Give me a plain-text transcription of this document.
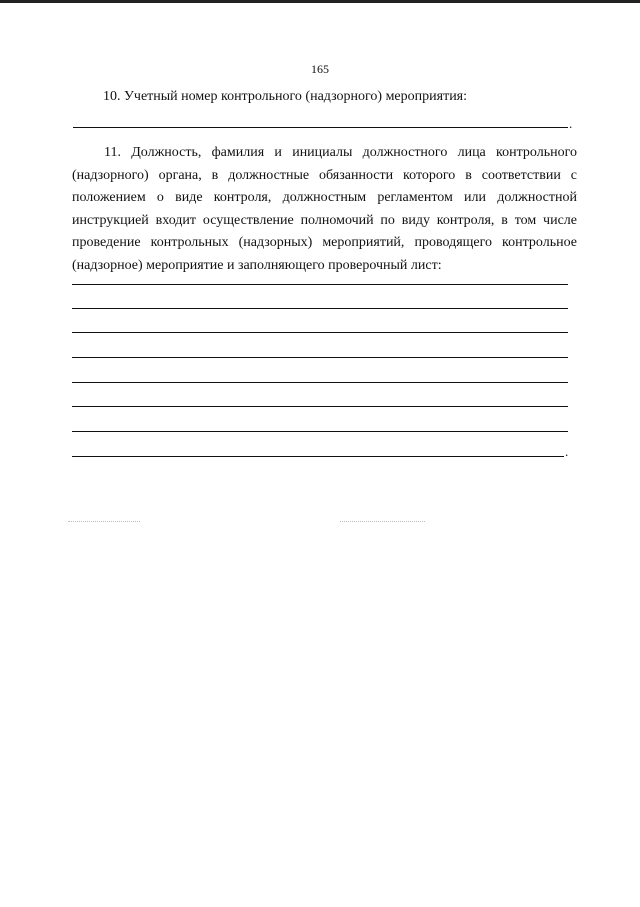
165
10. Учетный номер контрольного (надзорного) мероприятия:
.
11. Должность, фамилия и инициалы должностного лица контрольного (надзорного) органа, в должностные обязанности которого в соответствии с положением о виде контроля, должностным регламентом или должностной инструкцией входит осуществление полномочий по виду контроля, в том числе проведение контрольных (надзорных) мероприятий, проводящего контрольное (надзорное) мероприятие и заполняющего проверочный лист:
.
